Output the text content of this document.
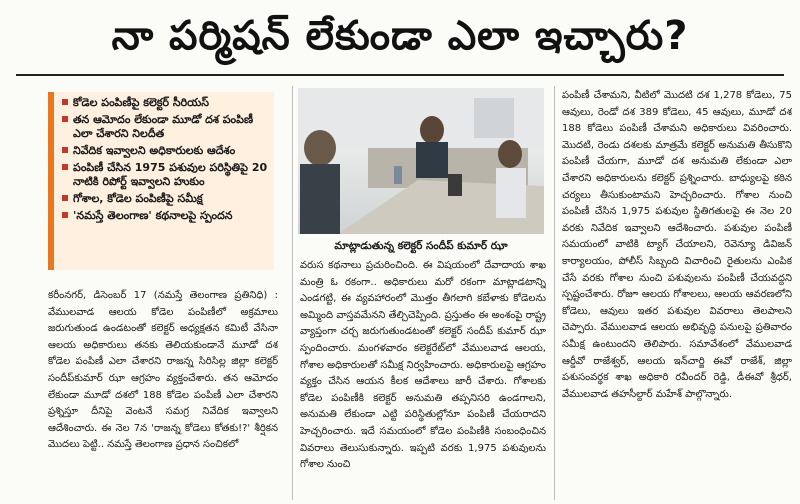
నా పర్మిషన్ లేకుండా ఎలా ఇచ్చారు?
కోడెల పంపిణీపై కలెక్టర్ సీరియస్
తన ఆమోదం లేకుండా మూడో దశ పంపిణీ ఎలా చేశారని నిలదీత
నివేదిక ఇవ్వాలని అధికారులకు ఆదేశం
పంపిణీ చేసిన 1975 పశువుల పరిస్థితిపై 20 నాటికి రిపోర్ట్ ఇవ్వాలని హుకుం
గోశాల, కోడెల పంపిణీపై సమీక్ష
'నమస్తే తెలంగాణ' కథనాలపై స్పందన
మాట్లాడుతున్న కలెక్టర్ సందీప్ కుమార్ ఝా
కరీంనగర్, డిసెంబర్ 17 (నమస్తే తెలంగాణ ప్రతినిధి) : వేములవాడ ఆలయ కోడెల పంపిణీలో అక్రమాలు జరుగుతుండ ఉండటంతో కలెక్టర్ అధ్యక్షతన కమిటీ వేసినా ఆలయ అధికారులు తనకు తెలియకుండానే మూడో దశ కోడెల పంపిణీ ఎలా చేశారని రాజన్న సిరిసిల్ల జిల్లా కలెక్టర్ సందీప్‌కుమార్ ఝా ఆగ్రహం వ్యక్తంచేశారు. తన ఆమోదం లేకుండా మూడో దశలో 188 కోడెల పంపిణీ ఎలా చేశారని ప్రశ్నిస్తూ దీనిపై వెంటనే సమగ్ర నివేదిక ఇవ్వాలని ఆదేశించారు. ఈ నెల 7న 'రాజన్న కోడెలు కోతకు!?' శీర్షికన మొదలు పెట్టి.. నమస్తే తెలంగాణ ప్రధాన సంచికలో
వరుస కథనాలు ప్రచురించింది. ఈ విషయంలో దేవాదాయ శాఖ మంత్రి ఓ రకంగా.. అధికారులు మరో రకంగా మాట్లాడటాన్ని ఎండగట్టి, ఈ వ్యవహారంలో మొత్తం తీగలాగి కబేళాకు కోడెలను అమ్మింది వాస్తవమేనని తేల్చిచెప్పింది. ప్రస్తుతం ఈ అంశంపై రాష్ట్ర వ్యాప్తంగా చర్చ జరుగుతుండటంతో కలెక్టర్ సందీప్ కుమార్ ఝా స్పందించారు. మంగళవారం కలెక్టరేట్‌లో వేములవాడ ఆలయ, గోశాల అధికారులతో సమీక్ష నిర్వహించారు. అధికారులపై ఆగ్రహం వ్యక్తం చేసిన ఆయన కీలక ఆదేశాలు జారీ చేశారు. గోశాలకు కోడెల పంపిణీకి కలెక్టర్ అనుమతి తప్పనిసరి ఉండగాలని, అనుమతి లేకుండా ఎట్టి పరిస్థితుల్లోనూ పంపిణీ చేయరాదని హెచ్చరించారు. ఇదే సమయంలో కోడెల పంపిణీకి సంబంధించిన వివరాలు తెలుసుకున్నారు. ఇప్పటి వరకు 1,975 పశువులను గోశాల నుంచి
పంపిణీ చేశామని, వీటిలో మొదటి దశ 1,278 కోడెలు, 75 ఆవులు, రెండో దశ 389 కోడెలు, 45 ఆవులు, మూడో దశ 188 కోడెలు పంపిణీ చేశామని అధికారులు వివరించారు. మొదటి, రెండు దశలకు మాత్రమే కలెక్టర్ అనుమతి తీసుకొని పంపిణీ చేయగా, మూడో దశ అనుమతి లేకుండా ఎలా చేశారని అధికారులను కలెక్టర్ ప్రశ్నించారు. బాధ్యులపై కఠిన చర్యలు తీసుకుంటామని హెచ్చరించారు. గోశాల నుంచి పంపిణీ చేసిన 1,975 పశువుల స్థితిగతులపై ఈ నెల 20 వరకు నివేదిక ఇవ్వాలని ఆదేశించారు. పశువుల పంపిణీ సమయంలో వాటికి ట్యాగ్ చేయాలని, రెవెన్యూ డివిజన్ కార్యాలయం, పోలీస్ సిబ్బంది విచారించి రైతులను ఎంపిక చేసే వరకు గోశాల నుంచి పశువులను పంపిణీ చేయవద్దని స్పష్టంచేశారు. రోజూ ఆలయ గోశాలలు, ఆలయ ఆవరణలోని కోడెలు, ఆవులు ఇతర పశువుల వివరాలు తెలపాలని చెప్పారు. వేములవాడ ఆలయ అభివృద్ధి పనులపై ప్రతివారం సమీక్ష ఉంటుందని తెలిపారు. సమావేశంలో వేములవాడ ఆర్డీవో రాజేశ్వర్, ఆలయ ఇన్‌చార్జి ఈవో రాజేశ్, జిల్లా పశుసంవర్థక శాఖ అధికారి రవీందర్ రెడ్డి, డీఈవో శ్రీధర్, వేములవాడ తహసీల్దార్ మహేశ్ పాల్గొన్నారు.
